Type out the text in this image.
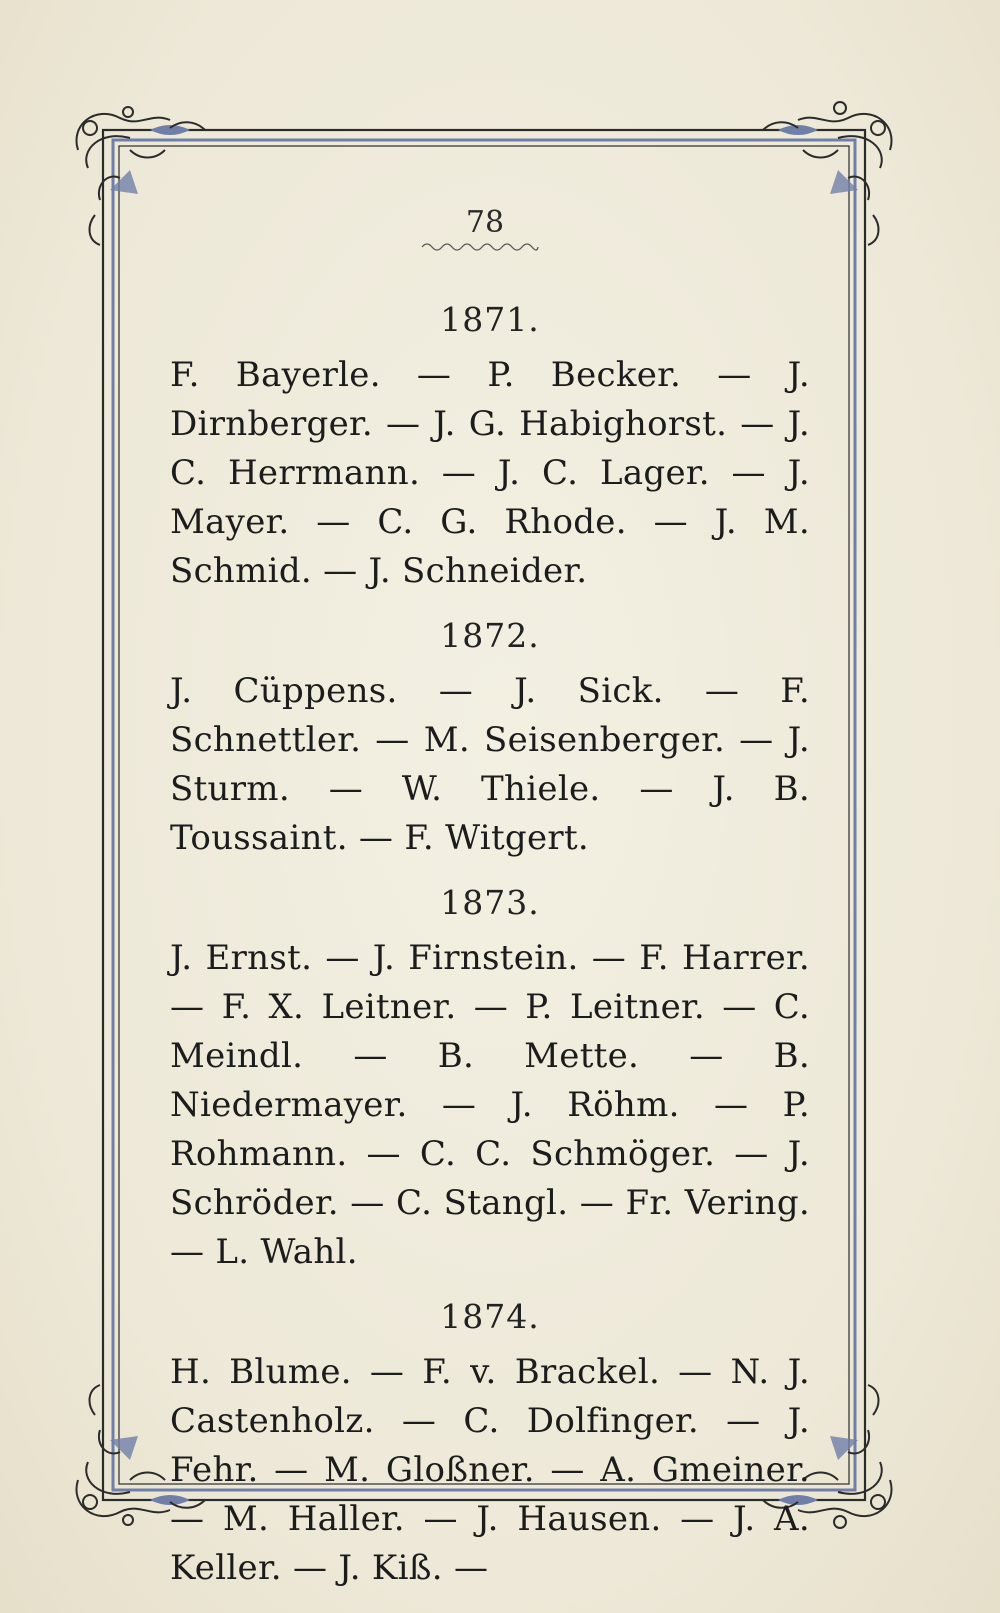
78
1871.

F. Bayerle. — P. Becker. — J. Dirnberger. — J. G. Habighorst. — J. C. Herrmann. — J. C. Lager. — J. Mayer. — C. G. Rhode. — J. M. Schmid. — J. Schneider.

1872.

J. Cüppens. — J. Sick. — F. Schnettler. — M. Seisenberger. — J. Sturm. — W. Thiele. — J. B. Toussaint. — F. Witgert.

1873.

J. Ernst. — J. Firnstein. — F. Harrer. — F. X. Leitner. — P. Leitner. — C. Meindl. — B. Mette. — B. Niedermayer. — J. Röhm. — P. Rohmann. — C. C. Schmöger. — J. Schröder. — C. Stangl. — Fr. Vering. — L. Wahl.

1874.

H. Blume. — F. v. Brackel. — N. J. Castenholz. — C. Dolfinger. — J. Fehr. — M. Gloßner. — A. Gmeiner. — M. Haller. — J. Hausen. — J. A. Keller. — J. Kiß. —
